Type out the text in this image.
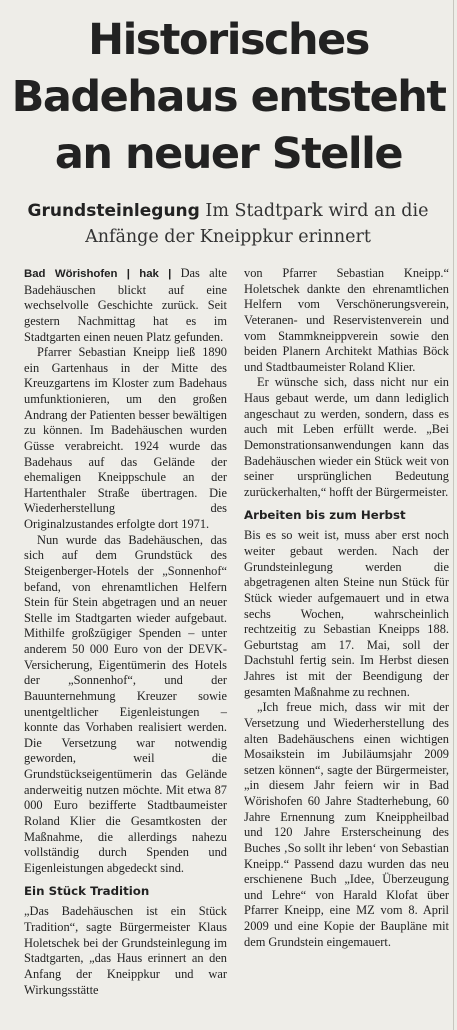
Historisches
Badehaus entsteht
an neuer Stelle

Grundsteinlegung Im Stadtpark wird an die Anfänge der Kneippkur erinnert

Bad Wörishofen | hak | Das alte Badehäuschen blickt auf eine wechselvolle Geschichte zurück. Seit gestern Nachmittag hat es im Stadtgarten einen neuen Platz gefunden.

Pfarrer Sebastian Kneipp ließ 1890 ein Gartenhaus in der Mitte des Kreuzgartens im Kloster zum Badehaus umfunktionieren, um den großen Andrang der Patienten besser bewältigen zu können. Im Badehäuschen wurden Güsse verabreicht. 1924 wurde das Badehaus auf das Gelände der ehemaligen Kneippschule an der Hartenthaler Straße übertragen. Die Wiederherstellung des Originalzustandes erfolgte dort 1971.

Nun wurde das Badehäuschen, das sich auf dem Grundstück des Steigenberger-Hotels der „Sonnenhof“ befand, von ehrenamtlichen Helfern Stein für Stein abgetragen und an neuer Stelle im Stadtgarten wieder aufgebaut. Mithilfe großzügiger Spenden – unter anderem 50 000 Euro von der DEVK-Versicherung, Eigentümerin des Hotels der „Sonnenhof“, und der Bauunternehmung Kreuzer sowie unentgeltlicher Eigenleistungen – konnte das Vorhaben realisiert werden. Die Versetzung war notwendig geworden, weil die Grundstückseigentümerin das Gelände anderweitig nutzen möchte. Mit etwa 87 000 Euro bezifferte Stadtbaumeister Roland Klier die Gesamtkosten der Maßnahme, die allerdings nahezu vollständig durch Spenden und Eigenleistungen abgedeckt sind.

Ein Stück Tradition

„Das Badehäuschen ist ein Stück Tradition“, sagte Bürgermeister Klaus Holetschek bei der Grundsteinlegung im Stadtgarten, „das Haus erinnert an den Anfang der Kneippkur und war Wirkungsstätte

von Pfarrer Sebastian Kneipp.“ Holetschek dankte den ehrenamtlichen Helfern vom Verschönerungsverein, Veteranen- und Reservistenverein und vom Stammkneippverein sowie den beiden Planern Architekt Mathias Böck und Stadtbaumeister Roland Klier.

Er wünsche sich, dass nicht nur ein Haus gebaut werde, um dann lediglich angeschaut zu werden, sondern, dass es auch mit Leben erfüllt werde. „Bei Demonstrationsanwendungen kann das Badehäuschen wieder ein Stück weit von seiner ursprünglichen Bedeutung zurückerhalten,“ hofft der Bürgermeister.

Arbeiten bis zum Herbst

Bis es so weit ist, muss aber erst noch weiter gebaut werden. Nach der Grundsteinlegung werden die abgetragenen alten Steine nun Stück für Stück wieder aufgemauert und in etwa sechs Wochen, wahrscheinlich rechtzeitig zu Sebastian Kneipps 188. Geburtstag am 17. Mai, soll der Dachstuhl fertig sein. Im Herbst diesen Jahres ist mit der Beendigung der gesamten Maßnahme zu rechnen.

„Ich freue mich, dass wir mit der Versetzung und Wiederherstellung des alten Badehäuschens einen wichtigen Mosaikstein im Jubiläumsjahr 2009 setzen können“, sagte der Bürgermeister, „in diesem Jahr feiern wir in Bad Wörishofen 60 Jahre Stadterhebung, 60 Jahre Ernennung zum Kneippheilbad und 120 Jahre Ersterscheinung des Buches ‚So sollt ihr leben‘ von Sebastian Kneipp.“ Passend dazu wurden das neu erschienene Buch „Idee, Überzeugung und Lehre“ von Harald Klofat über Pfarrer Kneipp, eine MZ vom 8. April 2009 und eine Kopie der Baupläne mit dem Grundstein eingemauert.
